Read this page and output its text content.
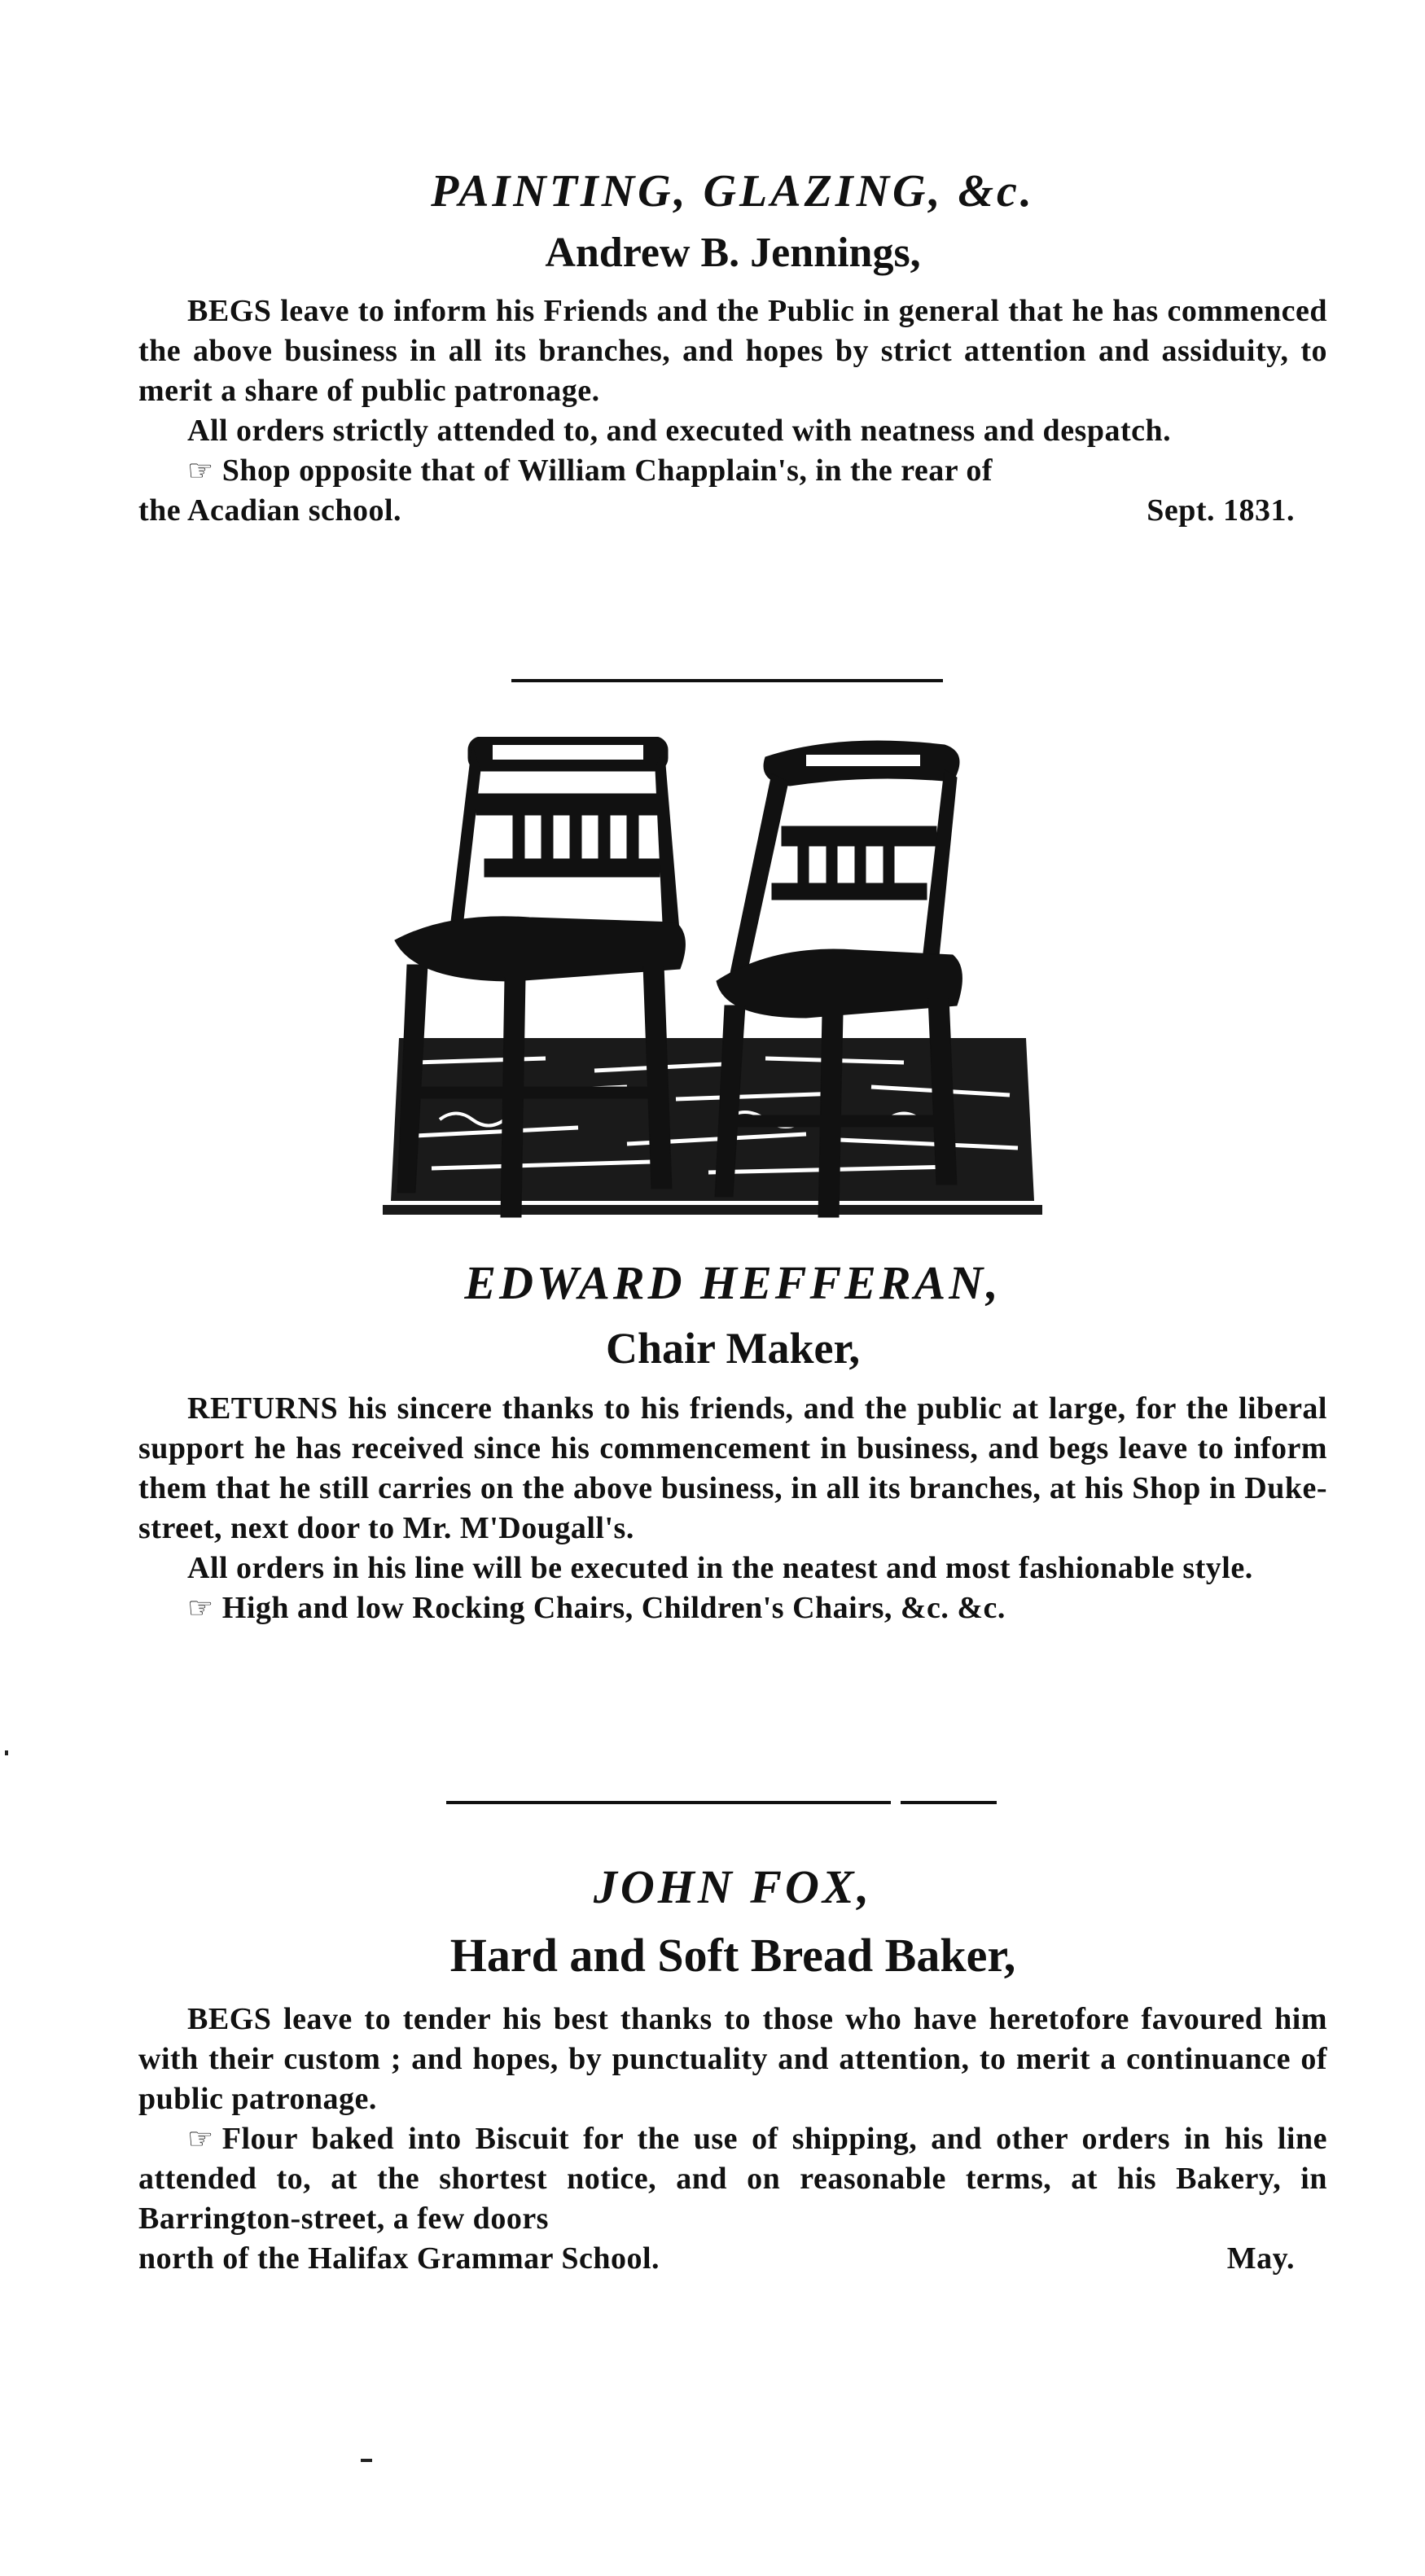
PAINTING, GLAZING, &c.
Andrew B. Jennings,

BEGS leave to inform his Friends and the Public in general that he has commenced the above business in all its branches, and hopes by strict attention and assiduity, to merit a share of public patronage.

All orders strictly attended to, and executed with neatness and despatch.

☞ Shop opposite that of William Chapplain's, in the rear of

the Acadian school.	Sept. 1831.
EDWARD HEFFERAN,
Chair Maker,

RETURNS his sincere thanks to his friends, and the public at large, for the liberal support he has received since his commencement in business, and begs leave to inform them that he still carries on the above business, in all its branches, at his Shop in Duke-street, next door to Mr. M'Dougall's.

All orders in his line will be executed in the neatest and most fashionable style.

☞ High and low Rocking Chairs, Children's Chairs, &c. &c.

JOHN FOX,
Hard and Soft Bread Baker,

BEGS leave to tender his best thanks to those who have heretofore favoured him with their custom ; and hopes, by punctuality and attention, to merit a continuance of public patronage.

☞ Flour baked into Biscuit for the use of shipping, and other orders in his line attended to, at the shortest notice, and on reasonable terms, at his Bakery, in Barrington-street, a few doors

north of the Halifax Grammar School.	May.
